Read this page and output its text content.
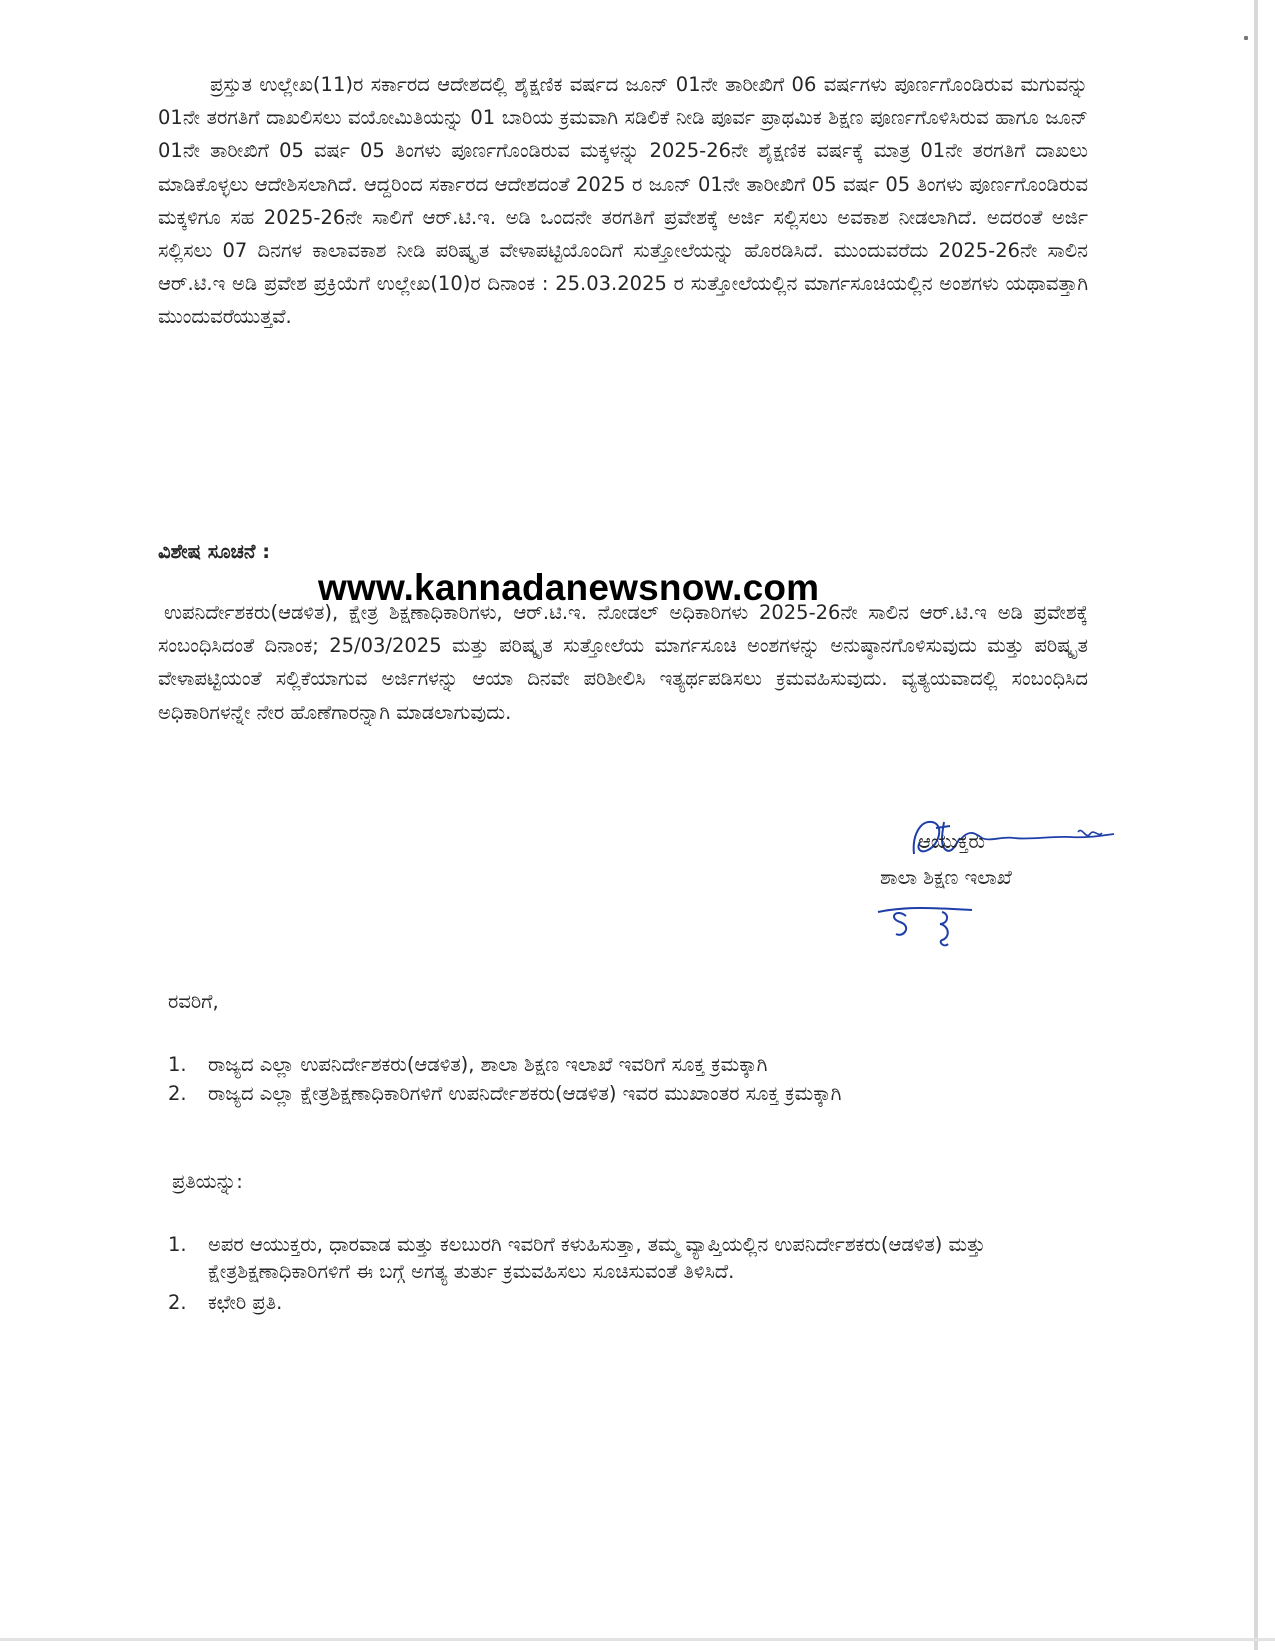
ಪ್ರಸ್ತುತ ಉಲ್ಲೇಖ(11)ರ ಸರ್ಕಾರದ ಆದೇಶದಲ್ಲಿ ಶೈಕ್ಷಣಿಕ ವರ್ಷದ ಜೂನ್ 01ನೇ ತಾರೀಖಿಗೆ 06 ವರ್ಷಗಳು ಪೂರ್ಣಗೊಂಡಿರುವ ಮಗುವನ್ನು 01ನೇ ತರಗತಿಗೆ ದಾಖಲಿಸಲು ವಯೋಮಿತಿಯನ್ನು 01 ಬಾರಿಯ ಕ್ರಮವಾಗಿ ಸಡಿಲಿಕೆ ನೀಡಿ ಪೂರ್ವ ಪ್ರಾಥಮಿಕ ಶಿಕ್ಷಣ ಪೂರ್ಣಗೊಳಿಸಿರುವ ಹಾಗೂ ಜೂನ್ 01ನೇ ತಾರೀಖಿಗೆ 05 ವರ್ಷ 05 ತಿಂಗಳು ಪೂರ್ಣಗೊಂಡಿರುವ ಮಕ್ಕಳನ್ನು 2025-26ನೇ ಶೈಕ್ಷಣಿಕ ವರ್ಷಕ್ಕೆ ಮಾತ್ರ 01ನೇ ತರಗತಿಗೆ ದಾಖಲು ಮಾಡಿಕೊಳ್ಳಲು ಆದೇಶಿಸಲಾಗಿದೆ. ಆದ್ದರಿಂದ ಸರ್ಕಾರದ ಆದೇಶದಂತೆ 2025 ರ ಜೂನ್ 01ನೇ ತಾರೀಖಿಗೆ 05 ವರ್ಷ 05 ತಿಂಗಳು ಪೂರ್ಣಗೊಂಡಿರುವ ಮಕ್ಕಳಿಗೂ ಸಹ 2025-26ನೇ ಸಾಲಿಗೆ ಆರ್.ಟಿ.ಇ. ಅಡಿ ಒಂದನೇ ತರಗತಿಗೆ ಪ್ರವೇಶಕ್ಕೆ ಅರ್ಜಿ ಸಲ್ಲಿಸಲು ಅವಕಾಶ ನೀಡಲಾಗಿದೆ. ಅದರಂತೆ ಅರ್ಜಿ ಸಲ್ಲಿಸಲು 07 ದಿನಗಳ ಕಾಲಾವಕಾಶ ನೀಡಿ ಪರಿಷ್ಕೃತ ವೇಳಾಪಟ್ಟಿಯೊಂದಿಗೆ ಸುತ್ತೋಲೆಯನ್ನು ಹೊರಡಿಸಿದೆ. ಮುಂದುವರೆದು 2025-26ನೇ ಸಾಲಿನ ಆರ್.ಟಿ.ಇ ಅಡಿ ಪ್ರವೇಶ ಪ್ರಕ್ರಿಯೆಗೆ ಉಲ್ಲೇಖ(10)ರ ದಿನಾಂಕ : 25.03.2025 ರ ಸುತ್ತೋಲೆಯಲ್ಲಿನ ಮಾರ್ಗಸೂಚಿಯಲ್ಲಿನ ಅಂಶಗಳು ಯಥಾವತ್ತಾಗಿ ಮುಂದುವರೆಯುತ್ತವೆ.

ವಿಶೇಷ ಸೂಚನೆ :

ಉಪನಿರ್ದೇಶಕರು(ಆಡಳಿತ), ಕ್ಷೇತ್ರ ಶಿಕ್ಷಣಾಧಿಕಾರಿಗಳು, ಆರ್.ಟಿ.ಇ. ನೋಡಲ್ ಅಧಿಕಾರಿಗಳು 2025-26ನೇ ಸಾಲಿನ ಆರ್.ಟಿ.ಇ ಅಡಿ ಪ್ರವೇಶಕ್ಕೆ ಸಂಬಂಧಿಸಿದಂತೆ ದಿನಾಂಕ; 25/03/2025 ಮತ್ತು ಪರಿಷ್ಕೃತ ಸುತ್ತೋಲೆಯ ಮಾರ್ಗಸೂಚಿ ಅಂಶಗಳನ್ನು ಅನುಷ್ಠಾನಗೊಳಿಸುವುದು ಮತ್ತು ಪರಿಷ್ಕೃತ ವೇಳಾಪಟ್ಟಿಯಂತೆ ಸಲ್ಲಿಕೆಯಾಗುವ ಅರ್ಜಿಗಳನ್ನು ಆಯಾ ದಿನವೇ ಪರಿಶೀಲಿಸಿ ಇತ್ಯರ್ಥಪಡಿಸಲು ಕ್ರಮವಹಿಸುವುದು. ವ್ಯತ್ಯಯವಾದಲ್ಲಿ ಸಂಬಂಧಿಸಿದ ಅಧಿಕಾರಿಗಳನ್ನೇ ನೇರ ಹೊಣೆಗಾರನ್ನಾಗಿ ಮಾಡಲಾಗುವುದು.

www.kannadanewsnow.com
ಆಯುಕ್ತರು
ಶಾಲಾ ಶಿಕ್ಷಣ ಇಲಾಖೆ
ರವರಿಗೆ,
1. ರಾಜ್ಯದ ಎಲ್ಲಾ ಉಪನಿರ್ದೇಶಕರು(ಆಡಳಿತ), ಶಾಲಾ ಶಿಕ್ಷಣ ಇಲಾಖೆ ಇವರಿಗೆ ಸೂಕ್ತ ಕ್ರಮಕ್ಕಾಗಿ
2. ರಾಜ್ಯದ ಎಲ್ಲಾ ಕ್ಷೇತ್ರಶಿಕ್ಷಣಾಧಿಕಾರಿಗಳಿಗೆ ಉಪನಿರ್ದೇಶಕರು(ಆಡಳಿತ) ಇವರ ಮುಖಾಂತರ ಸೂಕ್ತ ಕ್ರಮಕ್ಕಾಗಿ
ಪ್ರತಿಯನ್ನು:
1. ಅಪರ ಆಯುಕ್ತರು, ಧಾರವಾಡ ಮತ್ತು ಕಲಬುರಗಿ ಇವರಿಗೆ ಕಳುಹಿಸುತ್ತಾ, ತಮ್ಮ ವ್ಯಾಪ್ತಿಯಲ್ಲಿನ ಉಪನಿರ್ದೇಶಕರು(ಆಡಳಿತ) ಮತ್ತು ಕ್ಷೇತ್ರಶಿಕ್ಷಣಾಧಿಕಾರಿಗಳಿಗೆ ಈ ಬಗ್ಗೆ ಅಗತ್ಯ ತುರ್ತು ಕ್ರಮವಹಿಸಲು ಸೂಚಿಸುವಂತೆ ತಿಳಿಸಿದೆ.
2. ಕಛೇರಿ ಪ್ರತಿ.
